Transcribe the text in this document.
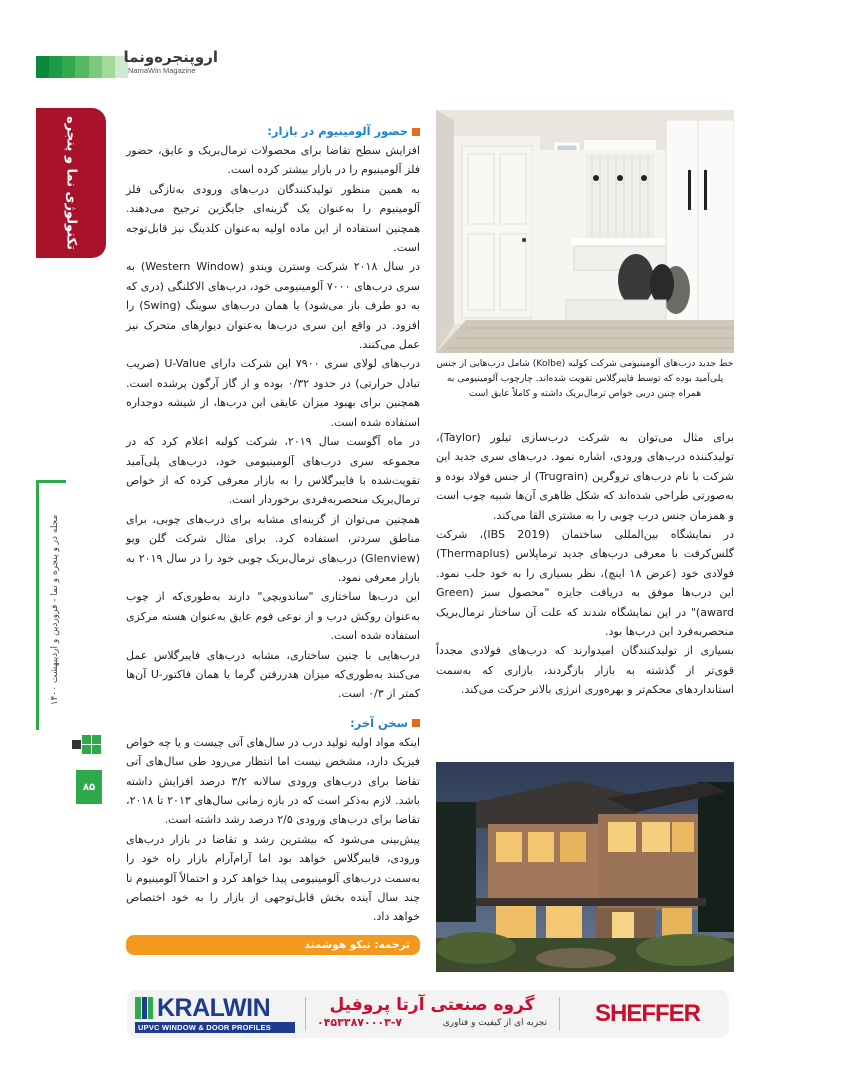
اروپنجره‌ونما
NamaWin Magazine
تکنولوژی نما و پنجره
مجله در و پنجره و نما - فروردین و اردیبهشت ۱۴۰۰
۸۵
حضور آلومینیوم در بازار:

افزایش سطح تقاضا برای محصولات ترمال‌بریک و عایق، حضور فلز آلومینیوم را در بازار بیشتر کرده است.

به همین منظور تولیدکنندگان درب‌های ورودی به‌تازگی فلز آلومینیوم را به‌عنوان یک گزینه‌ای جایگزین ترجیح می‌دهند. همچنین استفاده از این ماده اولیه به‌عنوان کلدینگ نیز قابل‌توجه است.

در سال ۲۰۱۸ شرکت وسترن ویندو (Western Window) به سری درب‌های ۷۰۰۰ آلومینیومی خود، درب‌های الاکلنگی (دری که به دو طرف باز می‌شود) یا همان درب‌های سوینگ (Swing) را افزود. در واقع این سری درب‌ها به‌عنوان دیوارهای متحرک نیز عمل می‌کنند.

درب‌های لولای سری ۷۹۰۰ این شرکت دارای U-Value (ضریب تبادل حرارتی) در حدود ۰/۳۲ بوده و از گاز آرگون پرشده است. همچنین برای بهبود میزان عایقی این درب‌ها، از شیشه دوجداره استفاده شده است.

در ماه آگوست سال ۲۰۱۹، شرکت کولبه اعلام کرد که در مجموعه سری درب‌های آلومینیومی خود، درب‌های پلی‌آمید تقویت‌شده با فایبرگلاس را به بازار معرفی کرده که از خواص ترمال‌بریک منحصربه‌فردی برخوردار است.

همچنین می‌توان از گزینه‌ای مشابه برای درب‌های چوبی، برای مناطق سردتر، استفاده کرد. برای مثال شرکت گلن ویو (Glenview) درب‌های ترمال‌بریک چوبی خود را در سال ۲۰۱۹ به بازار معرفی نمود.

این درب‌ها ساختاری "ساندویچی" دارند به‌طوری‌که از چوب به‌عنوان روکش درب و از نوعی فوم عایق به‌عنوان هسته مرکزی استفاده شده است.

درب‌هایی با چنین ساختاری، مشابه درب‌های فایبرگلاس عمل می‌کنند به‌طوری‌که میزان هدررفتن گرما یا همان فاکتور-U آن‌ها کمتر از ۰/۳ است.

سخن آخر:

اینکه مواد اولیه تولید درب در سال‌های آتی چیست و یا چه خواص فیزیک دارد، مشخص نیست اما انتظار می‌رود طی سال‌های آتی تقاضا برای درب‌های ورودی سالانه ۳/۲ درصد افزایش داشته باشد. لازم به‌ذکر است که در بازه زمانی سال‌های ۲۰۱۳ تا ۲۰۱۸، تقاضا برای درب‌های ورودی ۲/۵ درصد رشد داشته است.

پیش‌بینی می‌شود که بیشترین رشد و تقاضا در بازار درب‌های ورودی، فایبرگلاس خواهد بود اما آرام‌آرام بازار راه خود را به‌سمت درب‌های آلومینیومی پیدا خواهد کرد و احتمالاً آلومینیوم تا چند سال آینده بخش قابل‌توجهی از بازار را به خود اختصاص خواهد داد.

ترجمه: نیکو هوشمند
خط جدید درب‌های آلومینیومی شرکت کولبه (Kolbe) شامل درب‌هایی از جنس پلی‌آمید بوده که توسط فایبرگلاس تقویت شده‌اند. چارچوب آلومینیومی به همراه چنین دربی خواص ترمال‌بریک داشته و کاملاً عایق است

برای مثال می‌توان به شرکت درب‌سازی تیلور (Taylor)، تولیدکننده درب‌های ورودی، اشاره نمود. درب‌های سری جدید این شرکت با نام درب‌های تروگرین (Trugrain) از جنس فولاد بوده و به‌صورتی طراحی شده‌اند که شکل ظاهری آن‌ها شبیه چوب است و همزمان جنس درب چوبی را به مشتری القا می‌کند.

در نمایشگاه بین‌المللی ساختمان (IBS 2019)، شرکت گلس‌کرفت با معرفی درب‌های جدید ترماپلاس (Thermaplus) فولادی خود (عرض ۱۸ اینچ)، نظر بسیاری را به خود جلب نمود. این درب‌ها موفق به دریافت جایزه "محصول سبز (Green award)" در این نمایشگاه شدند که علت آن ساختار ترمال‌بریک منحصربه‌فرد این درب‌ها بود.

بسیاری از تولیدکنندگان امیدوارند که درب‌های فولادی مجدداً قوی‌تر از گذشته به بازار بازگردند، بازاری که به‌سمت استانداردهای محکم‌تر و بهره‌وری انرژی بالاتر حرکت می‌کند.

KRALWIN
UPVC WINDOW & DOOR PROFILES
گروه صنعتی آرتا پروفیل
تجربه ای از کیفیت و فناوری
۰۴۵۳۳۸۷۰۰۰۳-۷	SHEFFER
